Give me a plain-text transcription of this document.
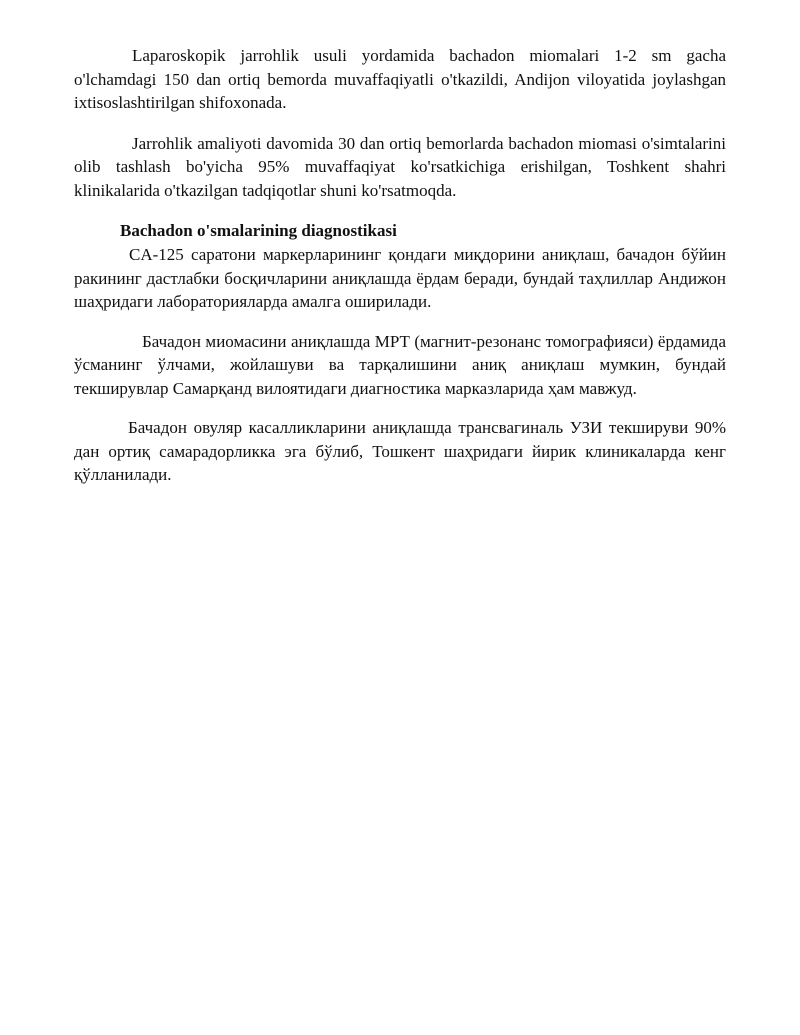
Laparoskopik jarrohlik usuli yordamida bachadon miomalari 1-2 sm gacha o'lchamdagi 150 dan ortiq bemorda muvaffaqiyatli o'tkazildi, Andijon viloyatida joylashgan ixtisoslashtirilgan shifoxonada.

Jarrohlik amaliyoti davomida 30 dan ortiq bemorlarda bachadon miomasi o'simtalarini olib tashlash bo'yicha 95% muvaffaqiyat ko'rsatkichiga erishilgan, Toshkent shahri klinikalarida o'tkazilgan tadqiqotlar shuni ko'rsatmoqda.

Bachadon o'smalarining diagnostikasi

CA-125 саратони маркерларининг қондаги миқдорини аниқлаш, бачадон бўйин ракининг дастлабки босқичларини аниқлашда ёрдам беради, бундай таҳлиллар Андижон шаҳридаги лабораторияларда амалга оширилади.

Бачадон миомасини аниқлашда МРТ (магнит-резонанс томографияси) ёрдамида ўсманинг ўлчами, жойлашуви ва тарқалишини аниқ аниқлаш мумкин, бундай текширувлар Самарқанд вилоятидаги диагностика марказларида ҳам мавжуд.

Бачадон овуляр касалликларини аниқлашда трансвагиналь УЗИ текшируви 90% дан ортиқ самарадорликка эга бўлиб, Тошкент шаҳридаги йирик клиникаларда кенг қўлланилади.
